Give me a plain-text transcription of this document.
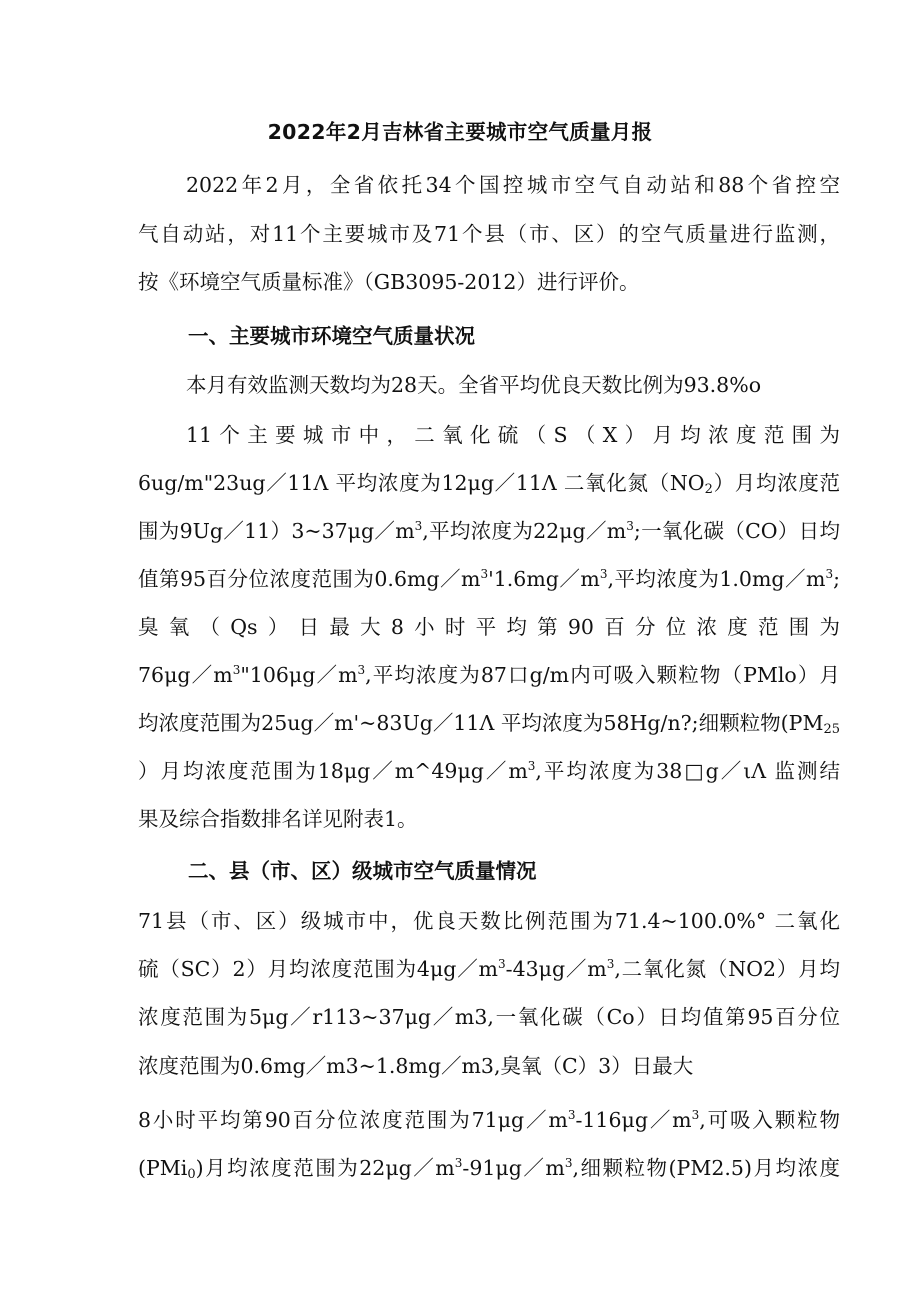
2022年2月吉林省主要城市空气质量月报
2022年2月，全省依托34个国控城市空气自动站和88个省控空
气自动站，对11个主要城市及71个县（市、区）的空气质量进行监测，
按《环境空气质量标准》（GB3095-2012）进行评价。
一、主要城市环境空气质量状况
本月有效监测天数均为28天。全省平均优良天数比例为93.8%o
11个主要城市中，二氧化硫（S（X）月均浓度范围为
6ug/m"23ug／11Λ 平均浓度为12μg／11Λ 二氧化氮$(NO_2)$月均浓度范
围为$9Ug/11)3\sim 37\mu g/m^3$,平均浓度为$22\mu g/m^3$;一氧化碳（CO）日均
值第95百分位浓度范围为$0.6mg/m^3'1.6mg/m^3$,平均浓度为$1.0mg/m^3$;
臭氧（Qs）日最大8小时平均第90百分位浓度范围为
$76\mu g/m^3"106\mu g/m^3$,平均浓度为87口g/m内可吸入颗粒物（PMlo）月
均浓度范围为25ug／m'~83Ug／11Λ 平均浓度为58Hg/n?;细颗粒物($PM_{25}$
）月均浓度范围为$18\mu g/m\^{}49\mu g/m^3$,平均浓度为38□g／ιΛ 监测结
果及综合指数排名详见附表1。
二、县（市、区）级城市空气质量情况
71县（市、区）级城市中，优良天数比例范围为71.4~100.0%° 二氧化
硫（SC）2）月均浓度范围为$4\mu g/m^3-43\mu g/m^3$,二氧化氮（NO2）月均
浓度范围为5μg／r113~37μg／m3,一氧化碳（Co）日均值第95百分位
浓度范围为0.6mg／m3~1.8mg／m3,臭氧（C）3）日最大
8小时平均第90百分位浓度范围为$71\mu g/m^3-116\mu g/m^3$,可吸入颗粒物
(PMi$_0$)月均浓度范围为$22\mu g/m^3-91\mu g/m^3$,细颗粒物(PM2.5)月均浓度
